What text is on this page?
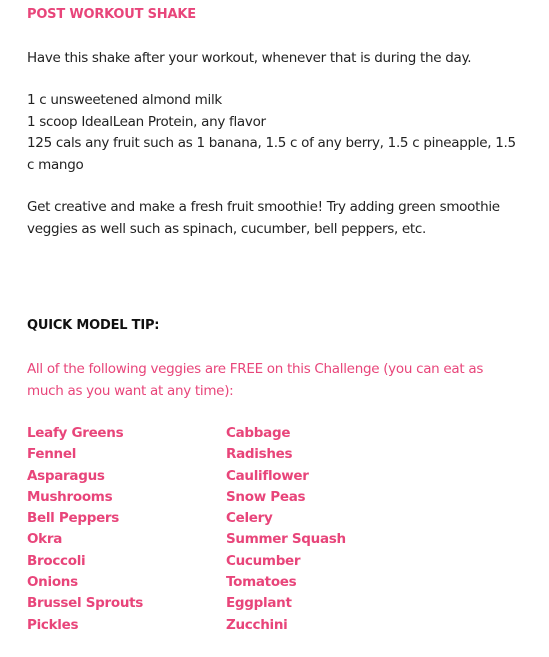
POST WORKOUT SHAKE

Have this shake after your workout, whenever that is during the day.

1 c unsweetened almond milk
1 scoop IdealLean Protein, any flavor
125 cals any fruit such as 1 banana, 1.5 c of any berry, 1.5 c pineapple, 1.5 c mango

Get creative and make a fresh fruit smoothie! Try adding green smoothie veggies as well such as spinach, cucumber, bell peppers, etc.

QUICK MODEL TIP:

All of the following veggies are FREE on this Challenge (you can eat as much as you want at any time):

Leafy Greens
Fennel
Asparagus
Mushrooms
Bell Peppers
Okra
Broccoli
Onions
Brussel Sprouts
Pickles
Cabbage
Radishes
Cauliflower
Snow Peas
Celery
Summer Squash
Cucumber
Tomatoes
Eggplant
Zucchini
